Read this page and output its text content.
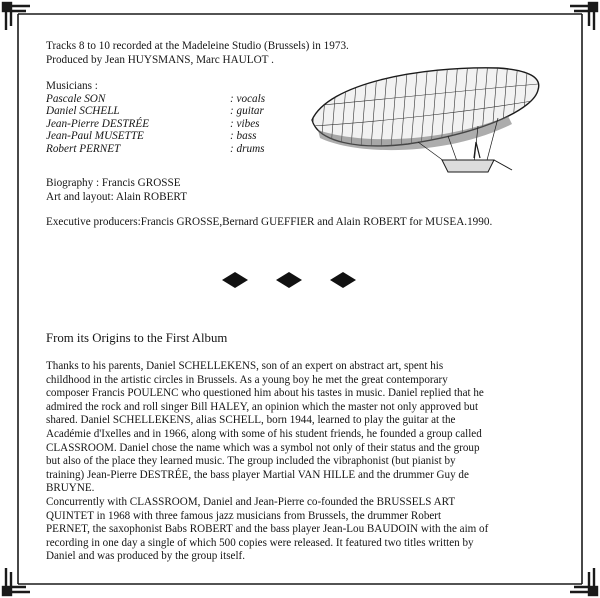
Tracks 8 to 10 recorded at the Madeleine Studio (Brussels) in 1973.
Produced by Jean HUYSMANS, Marc HAULOT .

Musicians :
Pascale SON	: vocals
Daniel SCHELL	: guitar
Jean-Pierre DESTRÉE	: vibes
Jean-Paul MUSETTE	: bass
Robert PERNET	: drums

Biography : Francis GROSSE
Art and layout: Alain ROBERT

Executive producers:Francis GROSSE,Bernard GUEFFIER and Alain ROBERT for MUSEA.1990.
From its Origins to the First Album
Thanks to his parents, Daniel SCHELLEKENS, son of an expert on abstract art, spent his
childhood in the artistic circles in Brussels. As a young boy he met the great contemporary
composer Francis POULENC who questioned him about his tastes in music. Daniel replied that he
admired the rock and roll singer Bill HALEY, an opinion which the master not only approved but
shared. Daniel SCHELLEKENS, alias SCHELL, born 1944, learned to play the guitar at the
Académie d'Ixelles and in 1966, along with some of his student friends, he founded a group called
CLASSROOM. Daniel chose the name which was a symbol not only of their status and the group
but also of the place they learned music. The group included the vibraphonist (but pianist by
training) Jean-Pierre DESTRÉE, the bass player Martial VAN HILLE and the drummer Guy de
BRUYNE.
Concurrently with CLASSROOM, Daniel and Jean-Pierre co-founded the BRUSSELS ART
QUINTET in 1968 with three famous jazz musicians from Brussels, the drummer Robert
PERNET, the saxophonist Babs ROBERT and the bass player Jean-Lou BAUDOIN with the aim of
recording in one day a single of which 500 copies were released. It featured two titles written by
Daniel and was produced by the group itself.
